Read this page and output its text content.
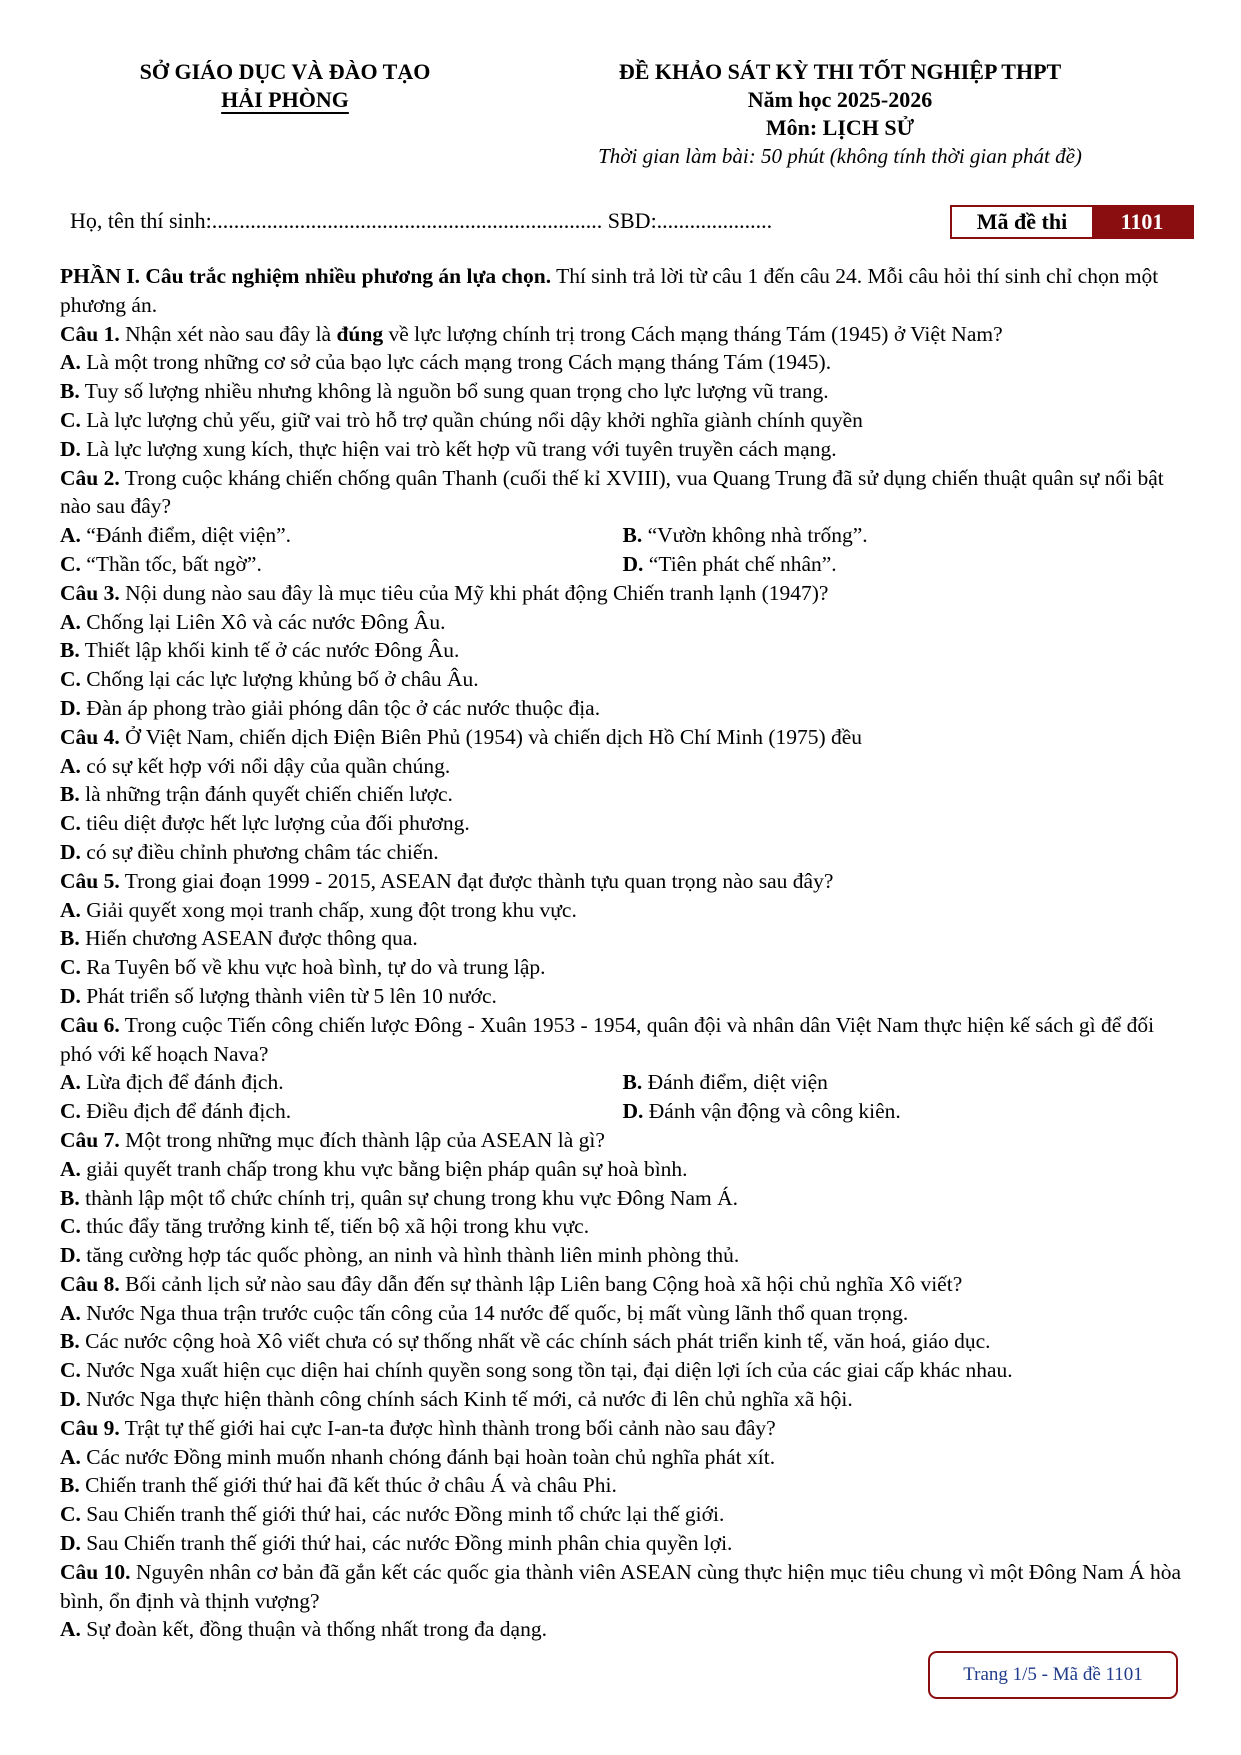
SỞ GIÁO DỤC VÀ ĐÀO TẠO
HẢI PHÒNG
ĐỀ KHẢO SÁT KỲ THI TỐT NGHIỆP THPT
Năm học 2025-2026
Môn: LỊCH SỬ
Thời gian làm bài: 50 phút (không tính thời gian phát đề)
Họ, tên thí sinh:....................................................................... SBD:.....................	Mã đề thi	1101

PHẦN I. Câu trắc nghiệm nhiều phương án lựa chọn. Thí sinh trả lời từ câu 1 đến câu 24. Mỗi câu hỏi thí sinh chỉ chọn một phương án.

Câu 1. Nhận xét nào sau đây là đúng về lực lượng chính trị trong Cách mạng tháng Tám (1945) ở Việt Nam?

A. Là một trong những cơ sở của bạo lực cách mạng trong Cách mạng tháng Tám (1945).

B. Tuy số lượng nhiều nhưng không là nguồn bổ sung quan trọng cho lực lượng vũ trang.

C. Là lực lượng chủ yếu, giữ vai trò hỗ trợ quần chúng nổi dậy khởi nghĩa giành chính quyền

D. Là lực lượng xung kích, thực hiện vai trò kết hợp vũ trang với tuyên truyền cách mạng.

Câu 2. Trong cuộc kháng chiến chống quân Thanh (cuối thế kỉ XVIII), vua Quang Trung đã sử dụng chiến thuật quân sự nổi bật nào sau đây?

A. “Đánh điểm, diệt viện”.	B. “Vườn không nhà trống”.
C. “Thần tốc, bất ngờ”.	D. “Tiên phát chế nhân”.

Câu 3. Nội dung nào sau đây là mục tiêu của Mỹ khi phát động Chiến tranh lạnh (1947)?

A. Chống lại Liên Xô và các nước Đông Âu.

B. Thiết lập khối kinh tế ở các nước Đông Âu.

C. Chống lại các lực lượng khủng bố ở châu Âu.

D. Đàn áp phong trào giải phóng dân tộc ở các nước thuộc địa.

Câu 4. Ở Việt Nam, chiến dịch Điện Biên Phủ (1954) và chiến dịch Hồ Chí Minh (1975) đều

A. có sự kết hợp với nổi dậy của quần chúng.

B. là những trận đánh quyết chiến chiến lược.

C. tiêu diệt được hết lực lượng của đối phương.

D. có sự điều chỉnh phương châm tác chiến.

Câu 5. Trong giai đoạn 1999 - 2015, ASEAN đạt được thành tựu quan trọng nào sau đây?

A. Giải quyết xong mọi tranh chấp, xung đột trong khu vực.

B. Hiến chương ASEAN được thông qua.

C. Ra Tuyên bố về khu vực hoà bình, tự do và trung lập.

D. Phát triển số lượng thành viên từ 5 lên 10 nước.

Câu 6. Trong cuộc Tiến công chiến lược Đông - Xuân 1953 - 1954, quân đội và nhân dân Việt Nam thực hiện kế sách gì để đối phó với kế hoạch Nava?

A. Lừa địch để đánh địch.	B. Đánh điểm, diệt viện
C. Điều địch để đánh địch.	D. Đánh vận động và công kiên.

Câu 7. Một trong những mục đích thành lập của ASEAN là gì?

A. giải quyết tranh chấp trong khu vực bằng biện pháp quân sự hoà bình.

B. thành lập một tổ chức chính trị, quân sự chung trong khu vực Đông Nam Á.

C. thúc đẩy tăng trưởng kinh tế, tiến bộ xã hội trong khu vực.

D. tăng cường hợp tác quốc phòng, an ninh và hình thành liên minh phòng thủ.

Câu 8. Bối cảnh lịch sử nào sau đây dẫn đến sự thành lập Liên bang Cộng hoà xã hội chủ nghĩa Xô viết?

A. Nước Nga thua trận trước cuộc tấn công của 14 nước đế quốc, bị mất vùng lãnh thổ quan trọng.

B. Các nước cộng hoà Xô viết chưa có sự thống nhất về các chính sách phát triển kinh tế, văn hoá, giáo dục.

C. Nước Nga xuất hiện cục diện hai chính quyền song song tồn tại, đại diện lợi ích của các giai cấp khác nhau.

D. Nước Nga thực hiện thành công chính sách Kinh tế mới, cả nước đi lên chủ nghĩa xã hội.

Câu 9. Trật tự thế giới hai cực I-an-ta được hình thành trong bối cảnh nào sau đây?

A. Các nước Đồng minh muốn nhanh chóng đánh bại hoàn toàn chủ nghĩa phát xít.

B. Chiến tranh thế giới thứ hai đã kết thúc ở châu Á và châu Phi.

C. Sau Chiến tranh thế giới thứ hai, các nước Đồng minh tổ chức lại thế giới.

D. Sau Chiến tranh thế giới thứ hai, các nước Đồng minh phân chia quyền lợi.

Câu 10. Nguyên nhân cơ bản đã gắn kết các quốc gia thành viên ASEAN cùng thực hiện mục tiêu chung vì một Đông Nam Á hòa bình, ổn định và thịnh vượng?

A. Sự đoàn kết, đồng thuận và thống nhất trong đa dạng.

Trang 1/5 - Mã đề 1101
